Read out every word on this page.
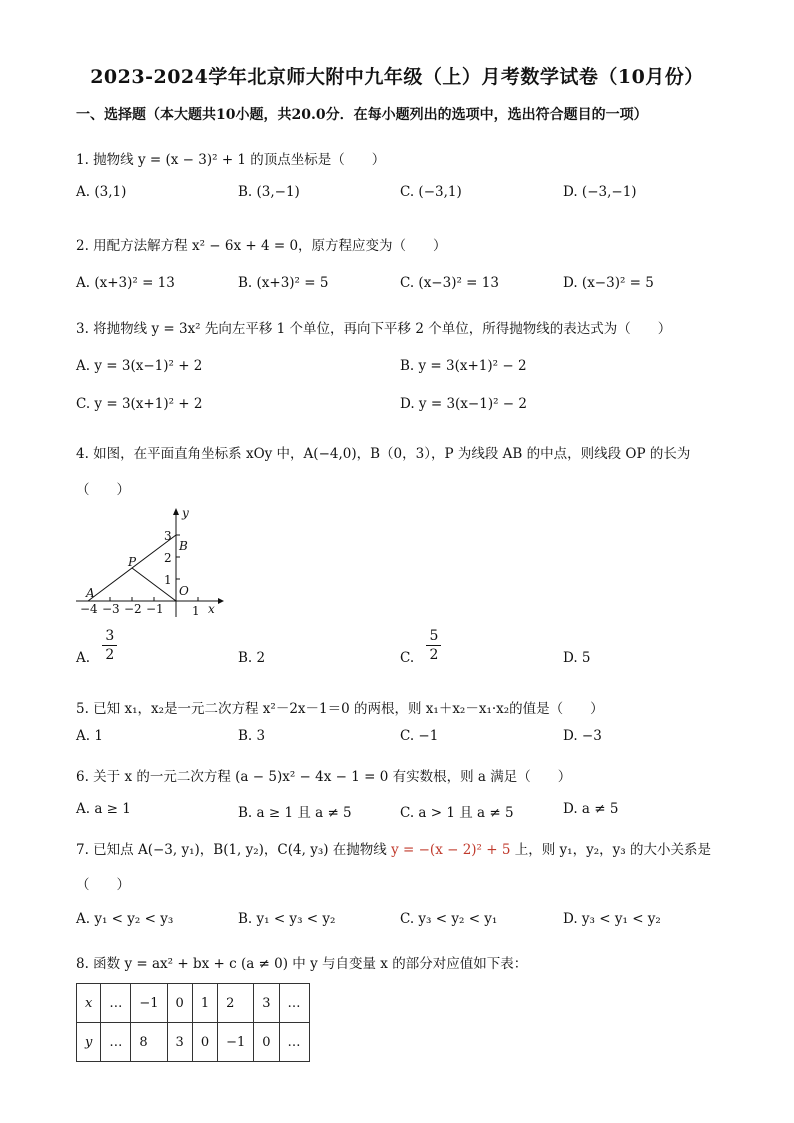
2023-2024学年北京师大附中九年级（上）月考数学试卷（10月份）
一、选择题（本大题共10小题，共20.0分．在每小题列出的选项中，选出符合题目的一项）
1. 抛物线 y = (x − 3)² + 1 的顶点坐标是（　　）
A. (3,1)	B. (3,−1)	C. (−3,1)	D. (−3,−1)
2. 用配方法解方程 x² − 6x + 4 = 0，原方程应变为（　　）
A. (x+3)² = 13	B. (x+3)² = 5	C. (x−3)² = 13	D. (x−3)² = 5
3. 将抛物线 y = 3x² 先向左平移 1 个单位，再向下平移 2 个单位，所得抛物线的表达式为（　　）
A. y = 3(x−1)² + 2	B. y = 3(x+1)² − 2
C. y = 3(x+1)² + 2	D. y = 3(x−1)² − 2
4. 如图，在平面直角坐标系 xOy 中，A(−4,0)，B（0，3），P 为线段 AB 的中点，则线段 OP 的长为
（　　）
y
x
B
P
A	O
3
2
1
−4 −3 −2 −1 1
A. $\frac{3}{2}$	B. 2	C. $\frac{5}{2}$	D. 5
5. 已知 x₁，x₂是一元二次方程 x²－2x－1＝0 的两根，则 x₁＋x₂－x₁·x₂的值是（　　）
A. 1	B. 3	C. −1	D. −3
6. 关于 x 的一元二次方程 (a − 5)x² − 4x − 1 = 0 有实数根，则 a 满足（　　）
A. a ≥ 1	B. a ≥ 1 且 a ≠ 5	C. a > 1 且 a ≠ 5	D. a ≠ 5
7. 已知点 A(−3, y₁)，B(1, y₂)，C(4, y₃) 在抛物线 y = −(x − 2)² + 5 上，则 y₁，y₂，y₃ 的大小关系是
（　　）
A. y₁ < y₂ < y₃	B. y₁ < y₃ < y₂	C. y₃ < y₂ < y₁	D. y₃ < y₁ < y₂
8. 函数 y = ax² + bx + c (a ≠ 0) 中 y 与自变量 x 的部分对应值如下表：
x	…	−1	0	1	2	3	…
y	…	8	3	0	−1	0	…
